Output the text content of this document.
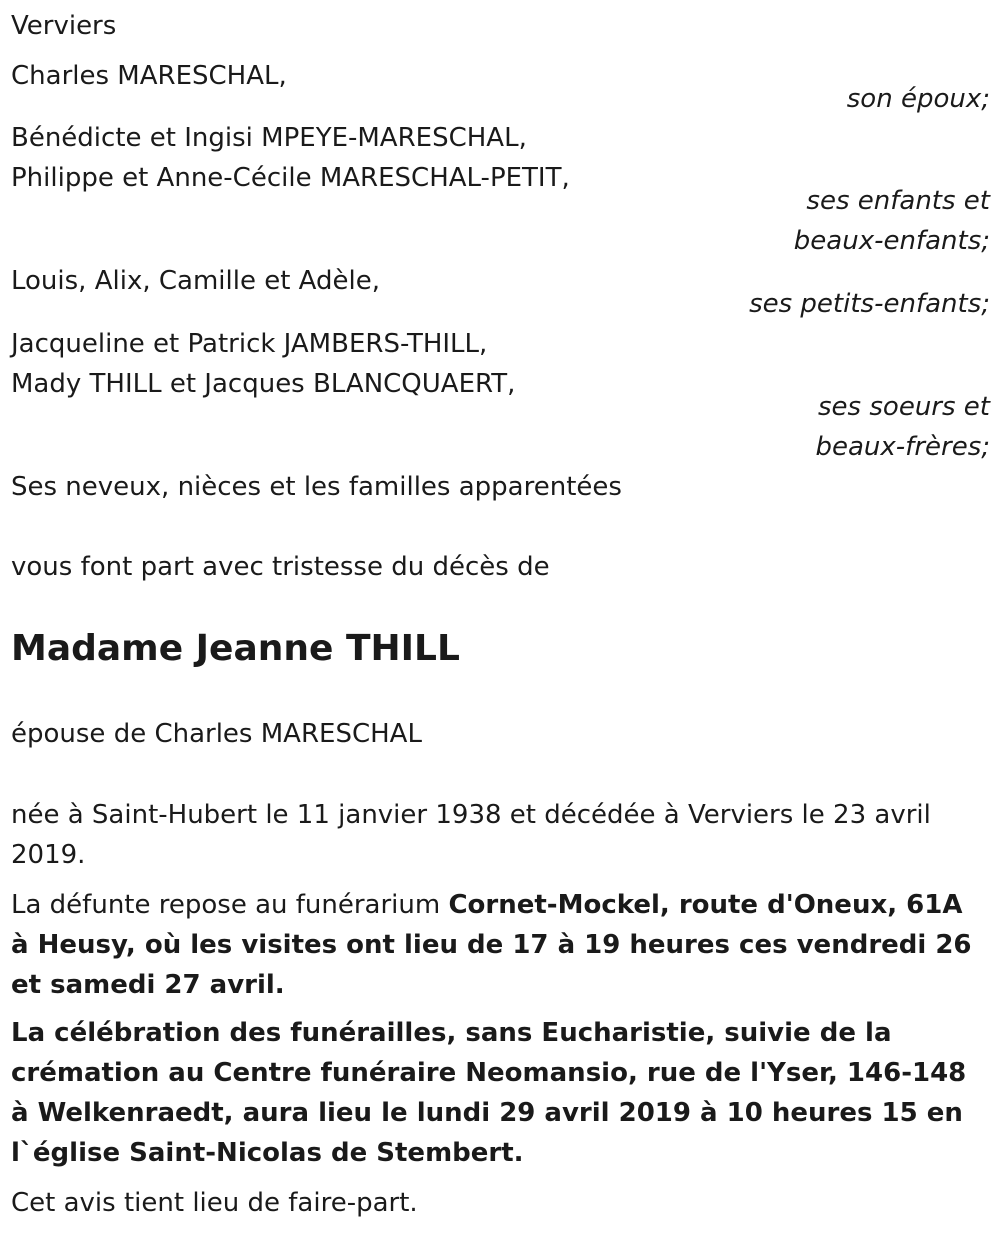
Verviers
Charles MARESCHAL,
son époux;
Bénédicte et Ingisi MPEYE-MARESCHAL,
Philippe et Anne-Cécile MARESCHAL-PETIT,
ses enfants et
beaux-enfants;
Louis, Alix, Camille et Adèle,
ses petits-enfants;
Jacqueline et Patrick JAMBERS-THILL,
Mady THILL et Jacques BLANCQUAERT,
ses soeurs et
beaux-frères;
Ses neveux, nièces et les familles apparentées
vous font part avec tristesse du décès de
Madame Jeanne THILL
épouse de Charles MARESCHAL
née à Saint-Hubert le 11 janvier 1938 et décédée à Verviers le 23 avril 2019.
La défunte repose au funérarium Cornet-Mockel, route d'Oneux, 61A à Heusy, où les visites ont lieu de 17 à 19 heures ces vendredi 26 et samedi 27 avril.
La célébration des funérailles, sans Eucharistie, suivie de la crémation au Centre funéraire Neomansio, rue de l'Yser, 146-148 à Welkenraedt, aura lieu le lundi 29 avril 2019 à 10 heures 15 en l`église Saint-Nicolas de Stembert.
Cet avis tient lieu de faire-part.
